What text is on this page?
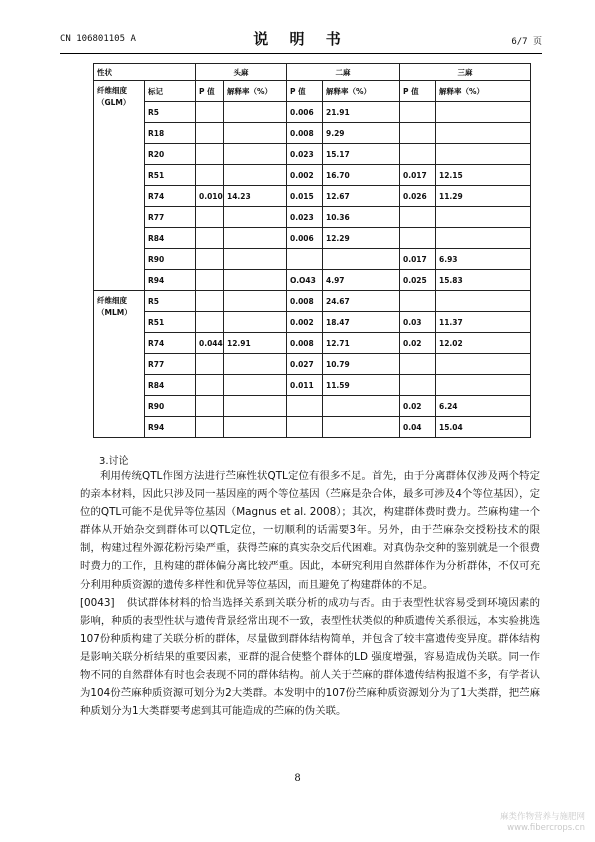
CN 106801105 A	说 明 书	6/7 页
性状		头麻		二麻		三麻	
纤维细度（GLM）	标记	P 值	解释率（%）	P 值	解释率（%）	P 值	解释率（%）
	R5			0.006	21.91		
	R18			0.008	9.29		
	R20			0.023	15.17		
	R51			0.002	16.70	0.017	12.15
	R74	0.010	14.23	0.015	12.67	0.026	11.29
	R77			0.023	10.36		
	R84			0.006	12.29		
	R90					0.017	6.93
	R94			O.O43	4.97	0.025	15.83
纤维细度（MLM）	R5			0.008	24.67		
	R51			0.002	18.47	0.03	11.37
	R74	0.044	12.91	0.008	12.71	0.02	12.02
	R77			0.027	10.79		
	R84			0.011	11.59		
	R90					0.02	6.24
	R94					0.04	15.04
3.讨论

利用传统QTL作图方法进行苎麻性状QTL定位有很多不足。首先，由于分离群体仅涉及两个特定的亲本材料，因此只涉及同一基因座的两个等位基因（苎麻是杂合体，最多可涉及4个等位基因），定位的QTL可能不是优异等位基因（Magnus et al. 2008）；其次，构建群体费时费力。苎麻构建一个群体从开始杂交到群体可以QTL定位，一切顺利的话需要3年。另外，由于苎麻杂交授粉技术的限制，构建过程外源花粉污染严重，获得苎麻的真实杂交后代困难。对真伪杂交种的鉴别就是一个很费时费力的工作，且构建的群体偏分离比较严重。因此，本研究利用自然群体作为分析群体，不仅可充分利用种质资源的遗传多样性和优异等位基因，而且避免了构建群体的不足。

[0043] 供试群体材料的恰当选择关系到关联分析的成功与否。由于表型性状容易受到环境因素的影响，种质的表型性状与遗传背景经常出现不一致，表型性状类似的种质遗传关系很远，本实验挑选107份种质构建了关联分析的群体，尽量做到群体结构简单，并包含了较丰富遗传变异度。群体结构是影响关联分析结果的重要因素，亚群的混合使整个群体的LD 强度增强，容易造成伪关联。同一作物不同的自然群体有时也会表现不同的群体结构。前人关于苎麻的群体遗传结构报道不多，有学者认为104份苎麻种质资源可划分为2大类群。本发明中的107份苎麻种质资源划分为了1大类群，把苎麻种质划分为1大类群要考虑到其可能造成的苎麻的伪关联。

8
麻类作物营养与施肥网
www.fibercrops.cn
